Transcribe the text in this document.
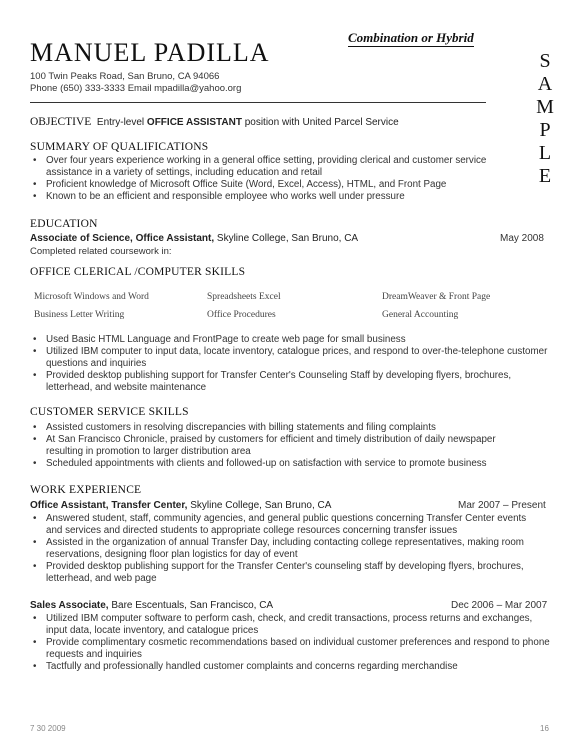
MANUEL PADILLA
100 Twin Peaks Road, San Bruno, CA 94066
Phone (650) 333-3333 Email mpadilla@yahoo.org
Combination or Hybrid
S
A
M
P
L
E
OBJECTIVE Entry-level OFFICE ASSISTANT position with United Parcel Service
SUMMARY OF QUALIFICATIONS
• Over four years experience working in a general office setting, providing clerical and customer service assistance in a variety of settings, including education and retail
• Proficient knowledge of Microsoft Office Suite (Word, Excel, Access), HTML, and Front Page
• Known to be an efficient and responsible employee who works well under pressure
EDUCATION
Associate of Science, Office Assistant, Skyline College, San Bruno, CA	May 2008
Completed related coursework in:
OFFICE CLERICAL /COMPUTER SKILLS
Microsoft Windows and Word	Spreadsheets Excel	DreamWeaver & Front Page
Business Letter Writing	Office Procedures	General Accounting
• Used Basic HTML Language and FrontPage to create web page for small business
• Utilized IBM computer to input data, locate inventory, catalogue prices, and respond to over-the-telephone customer questions and inquiries
• Provided desktop publishing support for Transfer Center's Counseling Staff by developing flyers, brochures, letterhead, and website maintenance
CUSTOMER SERVICE SKILLS
• Assisted customers in resolving discrepancies with billing statements and filing complaints
• At San Francisco Chronicle, praised by customers for efficient and timely distribution of daily newspaper resulting in promotion to larger distribution area
• Scheduled appointments with clients and followed-up on satisfaction with service to promote business
WORK EXPERIENCE
Office Assistant, Transfer Center, Skyline College, San Bruno, CA	Mar 2007 – Present
• Answered student, staff, community agencies, and general public questions concerning Transfer Center events and services and directed students to appropriate college resources concerning transfer issues
• Assisted in the organization of annual Transfer Day, including contacting college representatives, making room reservations, designing floor plan logistics for day of event
• Provided desktop publishing support for the Transfer Center's counseling staff by developing flyers, brochures, letterhead, and web page
Sales Associate, Bare Escentuals, San Francisco, CA	Dec 2006 – Mar 2007
• Utilized IBM computer software to perform cash, check, and credit transactions, process returns and exchanges, input data, locate inventory, and catalogue prices
• Provide complimentary cosmetic recommendations based on individual customer preferences and respond to phone requests and inquiries
• Tactfully and professionally handled customer complaints and concerns regarding merchandise
7 30 2009	16
